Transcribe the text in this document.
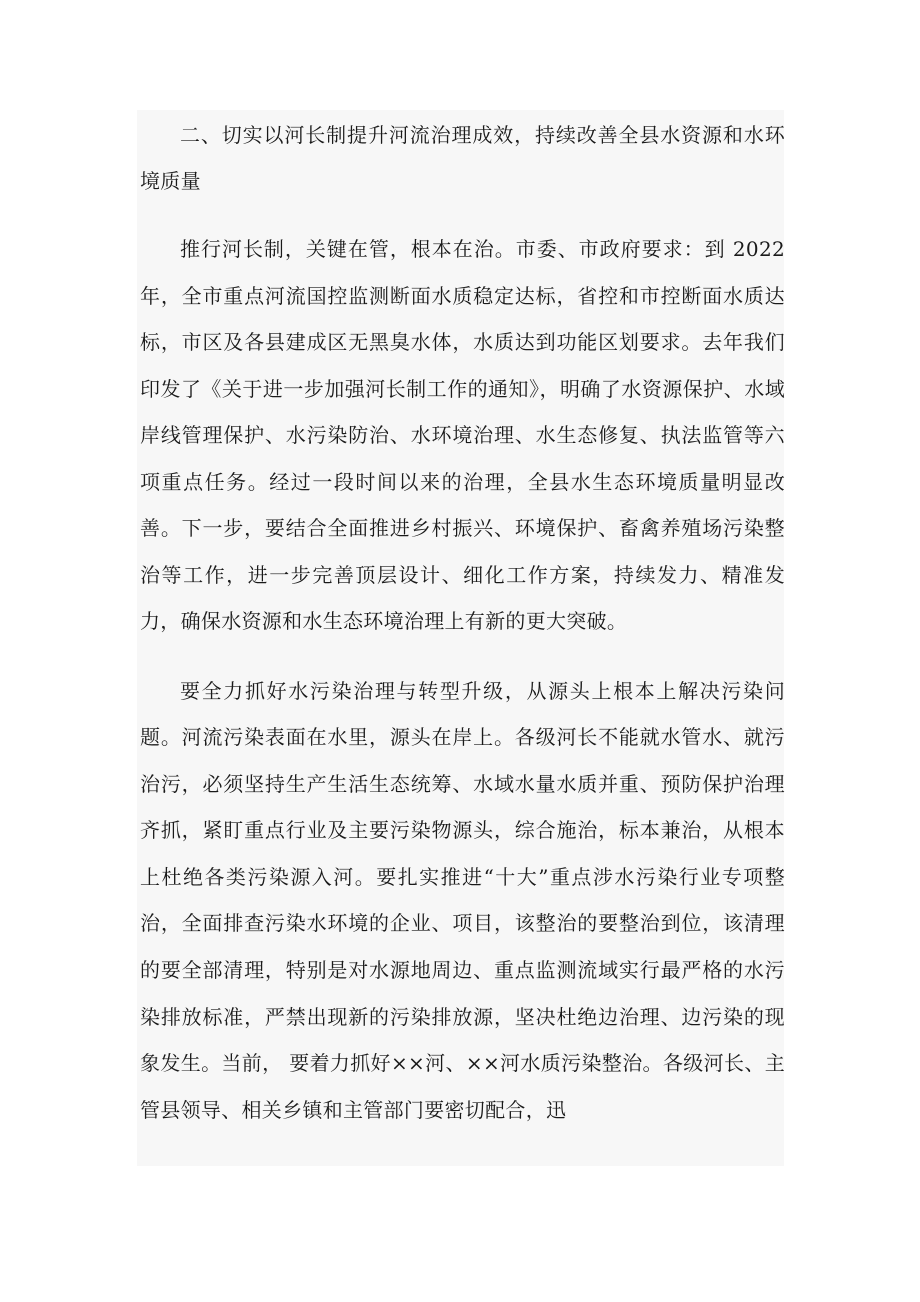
二、切实以河长制提升河流治理成效，持续改善全县水资源和水环境质量

推行河长制，关键在管，根本在治。市委、市政府要求：到 2022年，全市重点河流国控监测断面水质稳定达标，省控和市控断面水质达标，市区及各县建成区无黑臭水体，水质达到功能区划要求。去年我们印发了《关于进一步加强河长制工作的通知》，明确了水资源保护、水域岸线管理保护、水污染防治、水环境治理、水生态修复、执法监管等六项重点任务。经过一段时间以来的治理，全县水生态环境质量明显改善。下一步，要结合全面推进乡村振兴、环境保护、畜禽养殖场污染整治等工作，进一步完善顶层设计、细化工作方案，持续发力、精准发力，确保水资源和水生态环境治理上有新的更大突破。

要全力抓好水污染治理与转型升级，从源头上根本上解决污染问题。河流污染表面在水里，源头在岸上。各级河长不能就水管水、就污治污，必须坚持生产生活生态统筹、水域水量水质并重、预防保护治理齐抓，紧盯重点行业及主要污染物源头，综合施治，标本兼治，从根本上杜绝各类污染源入河。要扎实推进“十大”重点涉水污染行业专项整治，全面排查污染水环境的企业、项目，该整治的要整治到位，该清理的要全部清理，特别是对水源地周边、重点监测流域实行最严格的水污染排放标准，严禁出现新的污染排放源，坚决杜绝边治理、边污染的现象发生。当前， 要着力抓好××河、××河水质污染整治。各级河长、主管县领导、相关乡镇和主管部门要密切配合，迅
